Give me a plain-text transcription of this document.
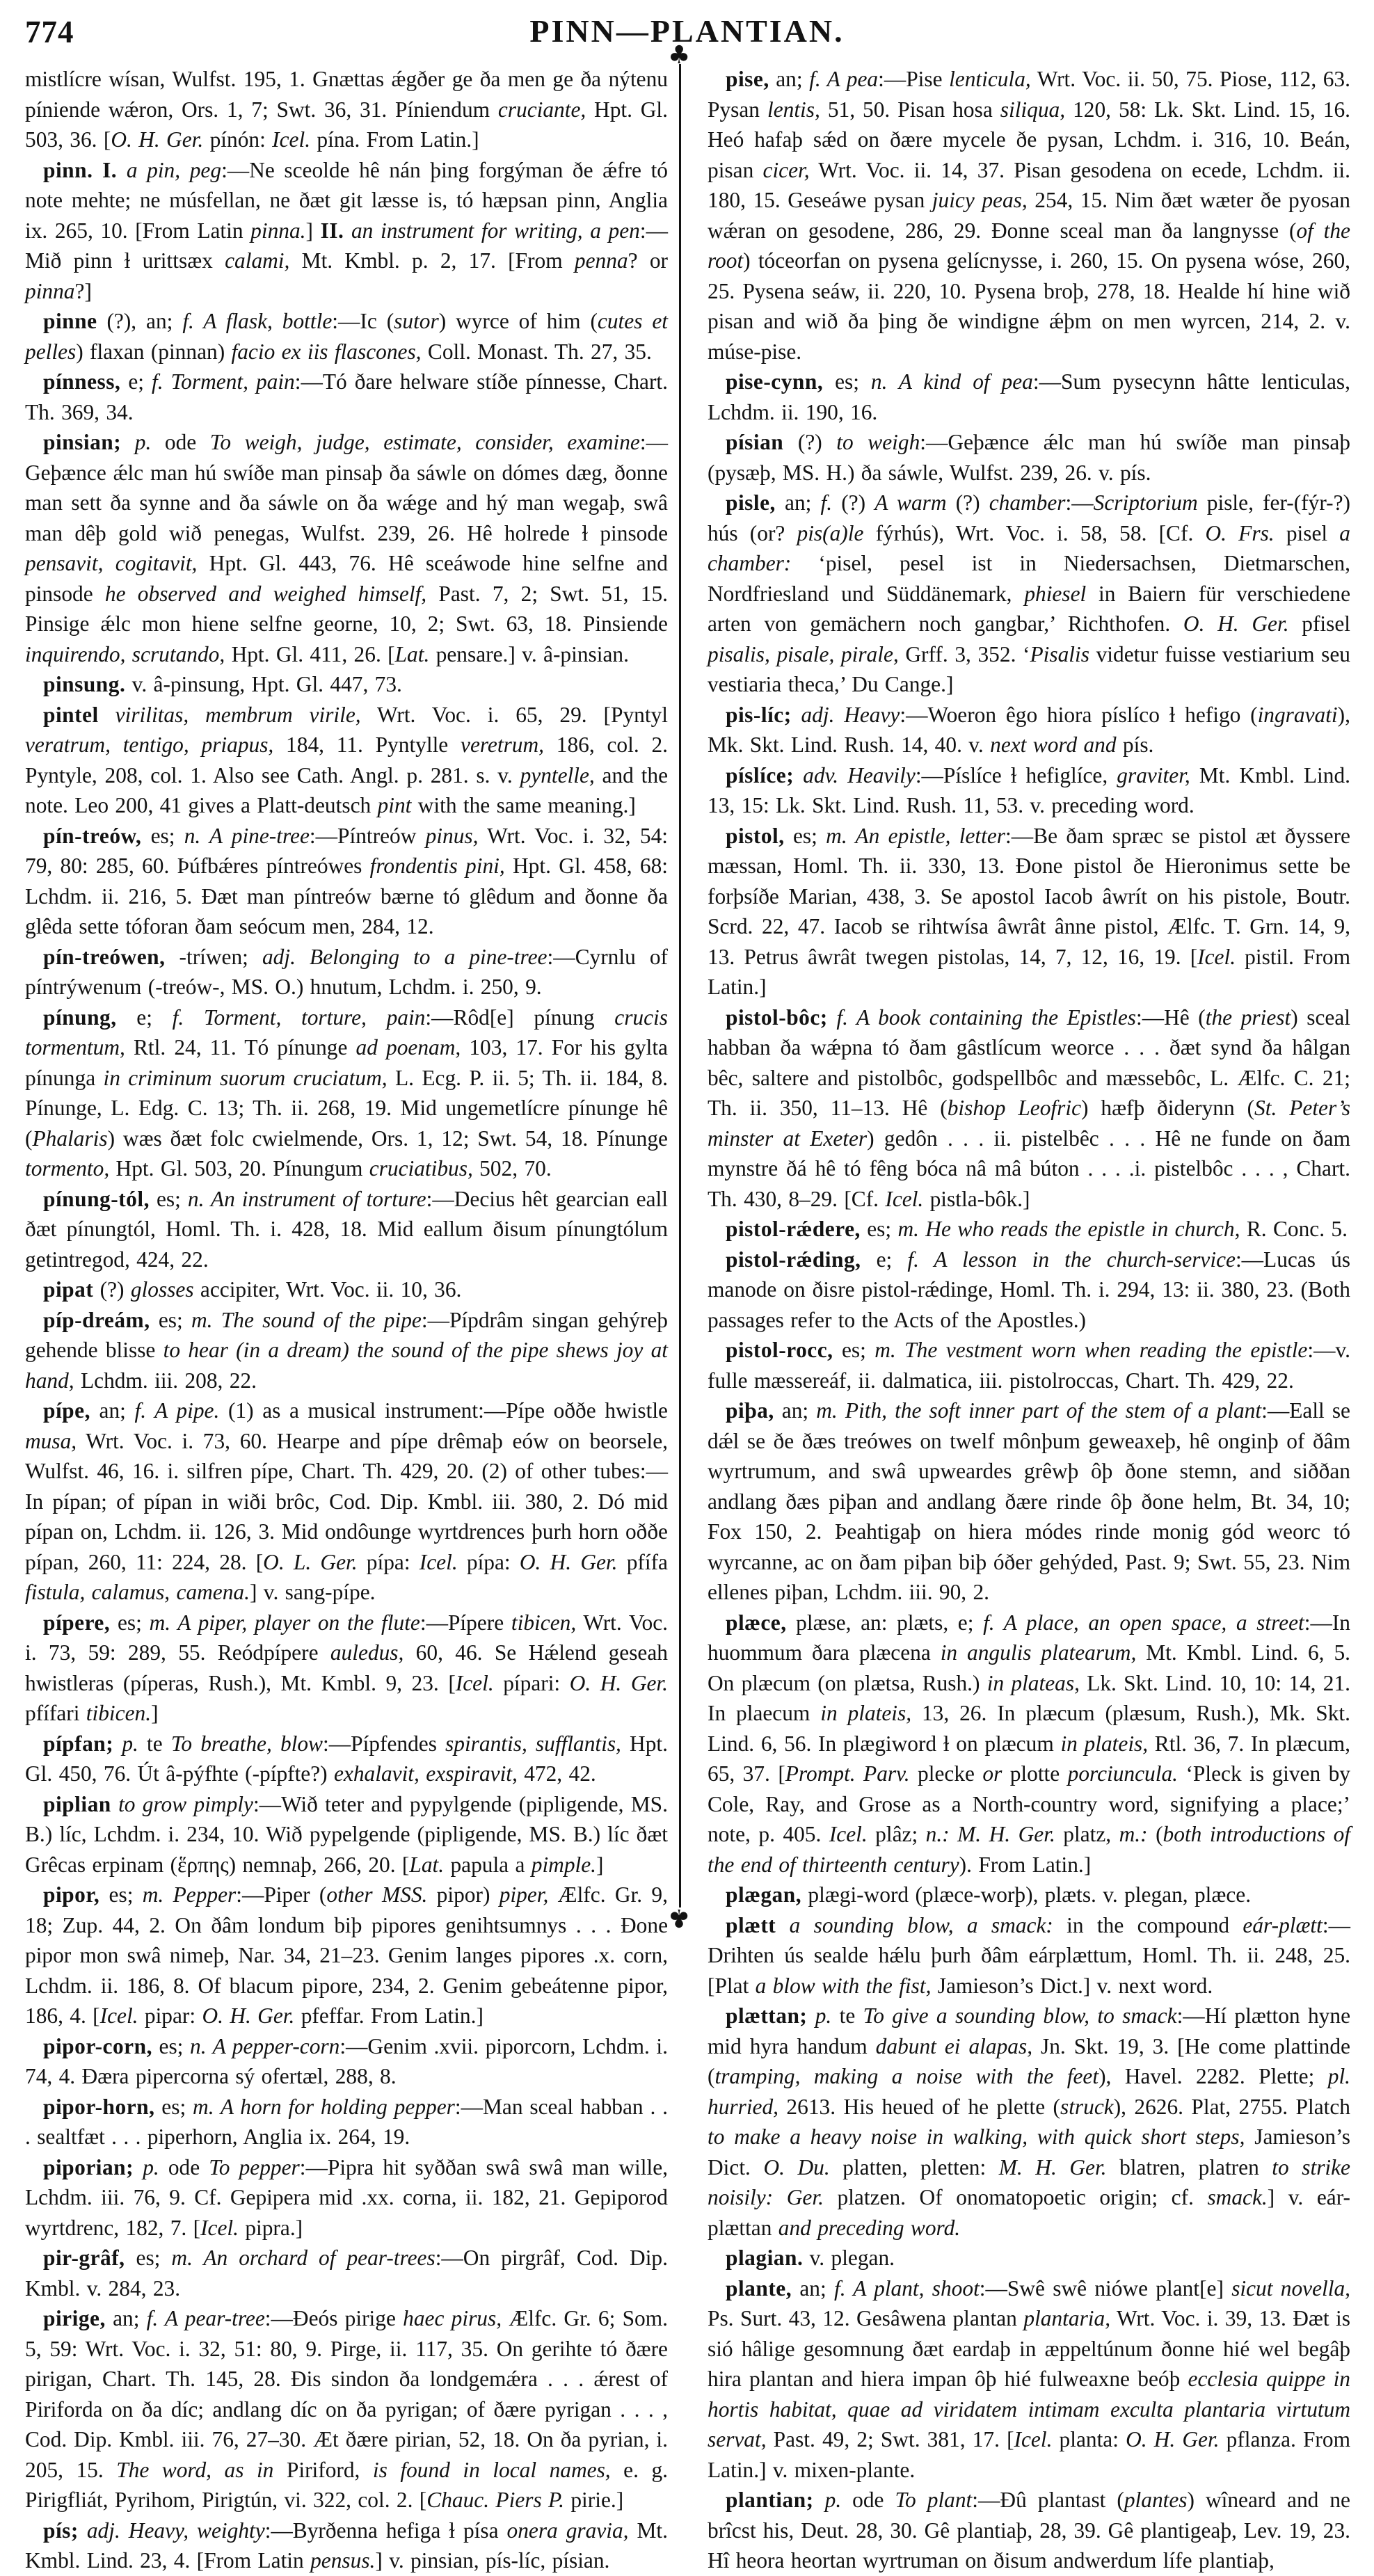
774	PINN—PLANTIAN.

mistlícre wísan, Wulfst. 195, 1. Gnættas ǽgðer ge ða men ge ða nýtenu píniende wǽron, Ors. 1, 7; Swt. 36, 31. Píniendum cruciante, Hpt. Gl. 503, 36. [O. H. Ger. pínón: Icel. pína. From Latin.]

pinn. I. a pin, peg:—Ne sceolde hê nán þing forgýman ðe ǽfre tó note mehte; ne músfellan, ne ðæt git læsse is, tó hæpsan pinn, Anglia ix. 265, 10. [From Latin pinna.] II. an instrument for writing, a pen:—Mið pinn ɫ urittsæx calami, Mt. Kmbl. p. 2, 17. [From penna? or pinna?]

pinne (?), an; f. A flask, bottle:—Ic (sutor) wyrce of him (cutes et pelles) flaxan (pinnan) facio ex iis flascones, Coll. Monast. Th. 27, 35.

pínness, e; f. Torment, pain:—Tó ðare helware stíðe pínnesse, Chart. Th. 369, 34.

pinsian; p. ode To weigh, judge, estimate, consider, examine:—Geþænce ǽlc man hú swíðe man pinsaþ ða sáwle on dómes dæg, ðonne man sett ða synne and ða sáwle on ða wǽge and hý man wegaþ, swâ man dêþ gold wið penegas, Wulfst. 239, 26. Hê holrede ɫ pinsode pensavit, cogitavit, Hpt. Gl. 443, 76. Hê sceáwode hine selfne and pinsode he observed and weighed himself, Past. 7, 2; Swt. 51, 15. Pinsige ǽlc mon hiene selfne georne, 10, 2; Swt. 63, 18. Pinsiende inquirendo, scrutando, Hpt. Gl. 411, 26. [Lat. pensare.] v. â-pinsian.

pinsung. v. â-pinsung, Hpt. Gl. 447, 73.

pintel virilitas, membrum virile, Wrt. Voc. i. 65, 29. [Pyntyl veratrum, tentigo, priapus, 184, 11. Pyntylle veretrum, 186, col. 2. Pyntyle, 208, col. 1. Also see Cath. Angl. p. 281. s. v. pyntelle, and the note. Leo 200, 41 gives a Platt-deutsch pint with the same meaning.]

pín-treów, es; n. A pine-tree:—Píntreów pinus, Wrt. Voc. i. 32, 54: 79, 80: 285, 60. Þúfbǽres píntreówes frondentis pini, Hpt. Gl. 458, 68: Lchdm. ii. 216, 5. Ðæt man píntreów bærne tó glêdum and ðonne ða glêda sette tóforan ðam seócum men, 284, 12.

pín-treówen, -tríwen; adj. Belonging to a pine-tree:—Cyrnlu of píntrýwenum (-treów-, MS. O.) hnutum, Lchdm. i. 250, 9.

pínung, e; f. Torment, torture, pain:—Rôd[e] pínung crucis tormentum, Rtl. 24, 11. Tó pínunge ad poenam, 103, 17. For his gylta pínunga in criminum suorum cruciatum, L. Ecg. P. ii. 5; Th. ii. 184, 8. Pínunge, L. Edg. C. 13; Th. ii. 268, 19. Mid ungemetlícre pínunge hê (Phalaris) wæs ðæt folc cwielmende, Ors. 1, 12; Swt. 54, 18. Pínunge tormento, Hpt. Gl. 503, 20. Pínungum cruciatibus, 502, 70.

pínung-tól, es; n. An instrument of torture:—Decius hêt gearcian eall ðæt pínungtól, Homl. Th. i. 428, 18. Mid eallum ðisum pínungtólum getintregod, 424, 22.

pipat (?) glosses accipiter, Wrt. Voc. ii. 10, 36.

píp-dreám, es; m. The sound of the pipe:—Pípdrâm singan gehýreþ gehende blisse to hear (in a dream) the sound of the pipe shews joy at hand, Lchdm. iii. 208, 22.

pípe, an; f. A pipe. (1) as a musical instrument:—Pípe oððe hwistle musa, Wrt. Voc. i. 73, 60. Hearpe and pípe drêmaþ eów on beorsele, Wulfst. 46, 16. i. silfren pípe, Chart. Th. 429, 20. (2) of other tubes:—In pípan; of pípan in wiði brôc, Cod. Dip. Kmbl. iii. 380, 2. Dó mid pípan on, Lchdm. ii. 126, 3. Mid ondôunge wyrtdrences þurh horn oððe pípan, 260, 11: 224, 28. [O. L. Ger. pípa: Icel. pípa: O. H. Ger. pfífa fistula, calamus, camena.] v. sang-pípe.

pípere, es; m. A piper, player on the flute:—Pípere tibicen, Wrt. Voc. i. 73, 59: 289, 55. Reódpípere auledus, 60, 46. Se Hǽlend geseah hwistleras (píperas, Rush.), Mt. Kmbl. 9, 23. [Icel. pípari: O. H. Ger. pfífari tibicen.]

pípfan; p. te To breathe, blow:—Pípfendes spirantis, sufflantis, Hpt. Gl. 450, 76. Út â-pýfhte (-pípfte?) exhalavit, exspiravit, 472, 42.

piplian to grow pimply:—Wið teter and pypylgende (pipligende, MS. B.) líc, Lchdm. i. 234, 10. Wið pypelgende (pipligende, MS. B.) líc ðæt Grêcas erpinam (ἕρπης) nemnaþ, 266, 20. [Lat. papula a pimple.]

pipor, es; m. Pepper:—Piper (other MSS. pipor) piper, Ælfc. Gr. 9, 18; Zup. 44, 2. On ðâm londum biþ pipores genihtsumnys . . . Ðone pipor mon swâ nimeþ, Nar. 34, 21–23. Genim langes pipores .x. corn, Lchdm. ii. 186, 8. Of blacum pipore, 234, 2. Genim gebeátenne pipor, 186, 4. [Icel. pipar: O. H. Ger. pfeffar. From Latin.]

pipor-corn, es; n. A pepper-corn:—Genim .xvii. piporcorn, Lchdm. i. 74, 4. Ðæra pipercorna sý ofertæl, 288, 8.

pipor-horn, es; m. A horn for holding pepper:—Man sceal habban . . . sealtfæt . . . piperhorn, Anglia ix. 264, 19.

piporian; p. ode To pepper:—Pipra hit syððan swâ swâ man wille, Lchdm. iii. 76, 9. Cf. Gepipera mid .xx. corna, ii. 182, 21. Gepiporod wyrtdrenc, 182, 7. [Icel. pipra.]

pir-grâf, es; m. An orchard of pear-trees:—On pirgrâf, Cod. Dip. Kmbl. v. 284, 23.

pirige, an; f. A pear-tree:—Ðeós pirige haec pirus, Ælfc. Gr. 6; Som. 5, 59: Wrt. Voc. i. 32, 51: 80, 9. Pirge, ii. 117, 35. On gerihte tó ðære pirigan, Chart. Th. 145, 28. Ðis sindon ða londgemǽra . . . ǽrest of Piriforda on ða díc; andlang díc on ða pyrigan; of ðære pyrigan . . . , Cod. Dip. Kmbl. iii. 76, 27–30. Æt ðære pirian, 52, 18. On ða pyrian, i. 205, 15. The word, as in Piriford, is found in local names, e. g. Pirigfliát, Pyrihom, Pirigtún, vi. 322, col. 2. [Chauc. Piers P. pirie.]

pís; adj. Heavy, weighty:—Byrðenna hefiga ɫ písa onera gravia, Mt. Kmbl. Lind. 23, 4. [From Latin pensus.] v. pinsian, pís-líc, písian.

pise, an; f. A pea:—Pise lenticula, Wrt. Voc. ii. 50, 75. Piose, 112, 63. Pysan lentis, 51, 50. Pisan hosa siliqua, 120, 58: Lk. Skt. Lind. 15, 16. Heó hafaþ sǽd on ðære mycele ðe pysan, Lchdm. i. 316, 10. Beán, pisan cicer, Wrt. Voc. ii. 14, 37. Pisan gesodena on ecede, Lchdm. ii. 180, 15. Geseáwe pysan juicy peas, 254, 15. Nim ðæt wæter ðe pyosan wǽran on gesodene, 286, 29. Ðonne sceal man ða langnysse (of the root) tóceorfan on pysena gelícnysse, i. 260, 15. On pysena wóse, 260, 25. Pysena seáw, ii. 220, 10. Pysena broþ, 278, 18. Healde hí hine wið pisan and wið ða þing ðe windigne ǽþm on men wyrcen, 214, 2. v. múse-pise.

pise-cynn, es; n. A kind of pea:—Sum pysecynn hâtte lenticulas, Lchdm. ii. 190, 16.

písian (?) to weigh:—Geþænce ǽlc man hú swíðe man pinsaþ (pysæþ, MS. H.) ða sáwle, Wulfst. 239, 26. v. pís.

pisle, an; f. (?) A warm (?) chamber:—Scriptorium pisle, fer-(fýr-?) hús (or? pis(a)le fýrhús), Wrt. Voc. i. 58, 58. [Cf. O. Frs. pisel a chamber: ‘pisel, pesel ist in Niedersachsen, Dietmarschen, Nordfriesland und Süddänemark, phiesel in Baiern für verschiedene arten von gemächern noch gangbar,’ Richthofen. O. H. Ger. pfisel pisalis, pisale, pirale, Grff. 3, 352. ‘Pisalis videtur fuisse vestiarium seu vestiaria theca,’ Du Cange.]

pis-líc; adj. Heavy:—Woeron êgo hiora píslíco ɫ hefigo (ingravati), Mk. Skt. Lind. Rush. 14, 40. v. next word and pís.

píslíce; adv. Heavily:—Píslíce ɫ hefiglíce, graviter, Mt. Kmbl. Lind. 13, 15: Lk. Skt. Lind. Rush. 11, 53. v. preceding word.

pistol, es; m. An epistle, letter:—Be ðam spræc se pistol æt ðyssere mæssan, Homl. Th. ii. 330, 13. Ðone pistol ðe Hieronimus sette be forþsíðe Marian, 438, 3. Se apostol Iacob âwrít on his pistole, Boutr. Scrd. 22, 47. Iacob se rihtwísa âwrât ânne pistol, Ælfc. T. Grn. 14, 9, 13. Petrus âwrât twegen pistolas, 14, 7, 12, 16, 19. [Icel. pistil. From Latin.]

pistol-bôc; f. A book containing the Epistles:—Hê (the priest) sceal habban ða wǽpna tó ðam gâstlícum weorce . . . ðæt synd ða hâlgan bêc, saltere and pistolbôc, godspellbôc and mæssebôc, L. Ælfc. C. 21; Th. ii. 350, 11–13. Hê (bishop Leofric) hæfþ ðiderynn (St. Peter’s minster at Exeter) gedôn . . . ii. pistelbêc . . . Hê ne funde on ðam mynstre ðá hê tó fêng bóca nâ mâ búton . . . .i. pistelbôc . . . , Chart. Th. 430, 8–29. [Cf. Icel. pistla-bôk.]

pistol-rǽdere, es; m. He who reads the epistle in church, R. Conc. 5.

pistol-rǽding, e; f. A lesson in the church-service:—Lucas ús manode on ðisre pistol-rǽdinge, Homl. Th. i. 294, 13: ii. 380, 23. (Both passages refer to the Acts of the Apostles.)

pistol-rocc, es; m. The vestment worn when reading the epistle:—v. fulle mæssereáf, ii. dalmatica, iii. pistolroccas, Chart. Th. 429, 22.

piþa, an; m. Pith, the soft inner part of the stem of a plant:—Eall se dǽl se ðe ðæs treówes on twelf mônþum geweaxeþ, hê onginþ of ðâm wyrtrumum, and swâ upweardes grêwþ ôþ ðone stemn, and siððan andlang ðæs piþan and andlang ðære rinde ôþ ðone helm, Bt. 34, 10; Fox 150, 2. Þeahtigaþ on hiera módes rinde monig gód weorc tó wyrcanne, ac on ðam piþan biþ óðer gehýded, Past. 9; Swt. 55, 23. Nim ellenes piþan, Lchdm. iii. 90, 2.

plæce, plæse, an: plæts, e; f. A place, an open space, a street:—In huommum ðara plæcena in angulis platearum, Mt. Kmbl. Lind. 6, 5. On plæcum (on plætsa, Rush.) in plateas, Lk. Skt. Lind. 10, 10: 14, 21. In plaecum in plateis, 13, 26. In plæcum (plæsum, Rush.), Mk. Skt. Lind. 6, 56. In plægiword ɫ on plæcum in plateis, Rtl. 36, 7. In plæcum, 65, 37. [Prompt. Parv. plecke or plotte porciuncula. ‘Pleck is given by Cole, Ray, and Grose as a North-country word, signifying a place;’ note, p. 405. Icel. plâz; n.: M. H. Ger. platz, m.: (both introductions of the end of thirteenth century). From Latin.]

plægan, plægi-word (plæce-worþ), plæts. v. plegan, plæce.

plætt a sounding blow, a smack: in the compound eár-plætt:—Drihten ús sealde hǽlu þurh ðâm eárplættum, Homl. Th. ii. 248, 25. [Plat a blow with the fist, Jamieson’s Dict.] v. next word.

plættan; p. te To give a sounding blow, to smack:—Hí plætton hyne mid hyra handum dabunt ei alapas, Jn. Skt. 19, 3. [He come plattinde (tramping, making a noise with the feet), Havel. 2282. Plette; pl. hurried, 2613. His heued of he plette (struck), 2626. Plat, 2755. Platch to make a heavy noise in walking, with quick short steps, Jamieson’s Dict. O. Du. platten, pletten: M. H. Ger. blatren, platren to strike noisily: Ger. platzen. Of onomatopoetic origin; cf. smack.] v. eár-plættan and preceding word.

plagian. v. plegan.

plante, an; f. A plant, shoot:—Swê swê niówe plant[e] sicut novella, Ps. Surt. 43, 12. Gesâwena plantan plantaria, Wrt. Voc. i. 39, 13. Ðæt is sió hâlige gesomnung ðæt eardaþ in æppeltúnum ðonne hié wel begâþ hira plantan and hiera impan ôþ hié fulweaxne beóþ ecclesia quippe in hortis habitat, quae ad viridatem intimam exculta plantaria virtutum servat, Past. 49, 2; Swt. 381, 17. [Icel. planta: O. H. Ger. pflanza. From Latin.] v. mixen-plante.

plantian; p. ode To plant:—Ðû plantast (plantes) wîneard and ne brîcst his, Deut. 28, 30. Gê plantiaþ, 28, 39. Gê plantigeaþ, Lev. 19, 23. Hî heora heortan wyrtruman on ðisum andwerdum lífe plantiaþ,

♣
♣
